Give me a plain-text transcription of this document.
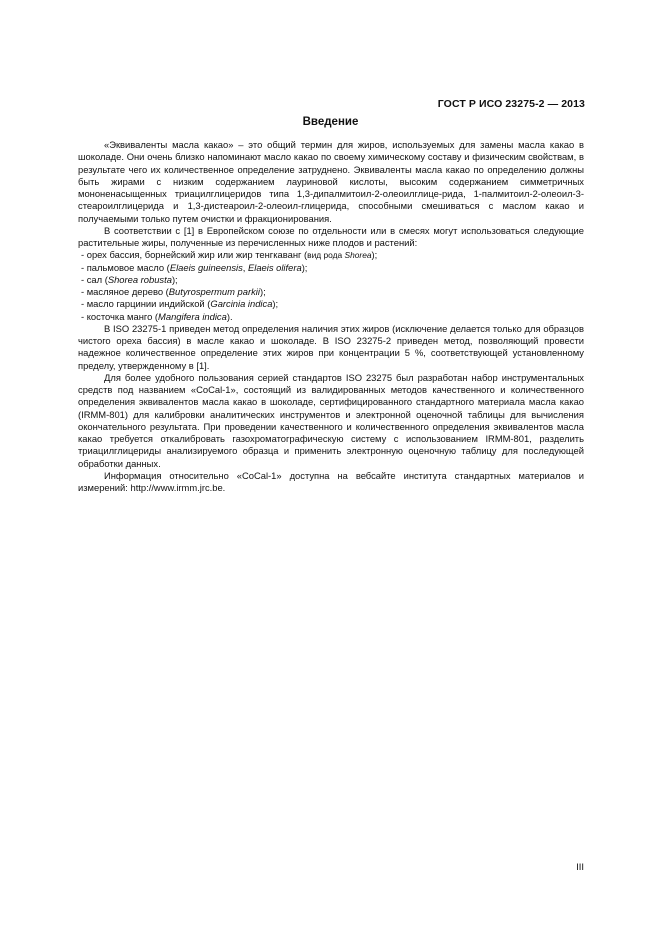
ГОСТ Р ИСО 23275-2 — 2013
Введение

«Эквиваленты масла какао» – это общий термин для жиров, используемых для замены масла какао в шоколаде. Они очень близко напоминают масло какао по своему химическому составу и физическим свойствам, в результате чего их количественное определение затруднено. Эквиваленты масла какао по определению должны быть жирами с низким содержанием лауриновой кислоты, высоким содержанием симметричных мононенасыщенных триацилглицеридов типа 1,3-дипалмитоил-2-олеоилглице-рида, 1-палмитоил-2-олеоил-3-стеароилглицерида и 1,3-дистеароил-2-олеоил-глицерида, способными смешиваться с маслом какао и получаемыми только путем очистки и фракционирования.

В соответствии с [1] в Европейском союзе по отдельности или в смесях могут использоваться следующие растительные жиры, полученные из перечисленных ниже плодов и растений:

- орех бассия, борнейский жир или жир тенгкаванг (вид рода Shorea);
- пальмовое масло (Elaeis guineensis, Elaeis olifera);
- сал (Shorea robusta);
- масляное дерево (Butyrospermum parkii);
- масло гарцинии индийской (Garcinia indica);
- косточка манго (Mangifera indica).

В ISO 23275-1 приведен метод определения наличия этих жиров (исключение делается только для образцов чистого ореха бассия) в масле какао и шоколаде. В ISO 23275-2 приведен метод, позволяющий провести надежное количественное определение этих жиров при концентрации 5 %, соответствующей установленному пределу, утвержденному в [1].

Для более удобного пользования серией стандартов ISO 23275 был разработан набор инструментальных средств под названием «CoCal-1», состоящий из валидированных методов качественного и количественного определения эквивалентов масла какао в шоколаде, сертифицированного стандартного материала масла какао (IRMM-801) для калибровки аналитических инструментов и электронной оценочной таблицы для вычисления окончательного результата. При проведении качественного и количественного определения эквивалентов масла какао требуется откалибровать газохроматографическую систему с использованием IRMM-801, разделить триацилглицериды анализируемого образца и применить электронную оценочную таблицу для последующей обработки данных.

Информация относительно «CoCal-1» доступна на вебсайте института стандартных материалов и измерений: http://www.irmm.jrc.be.

III
